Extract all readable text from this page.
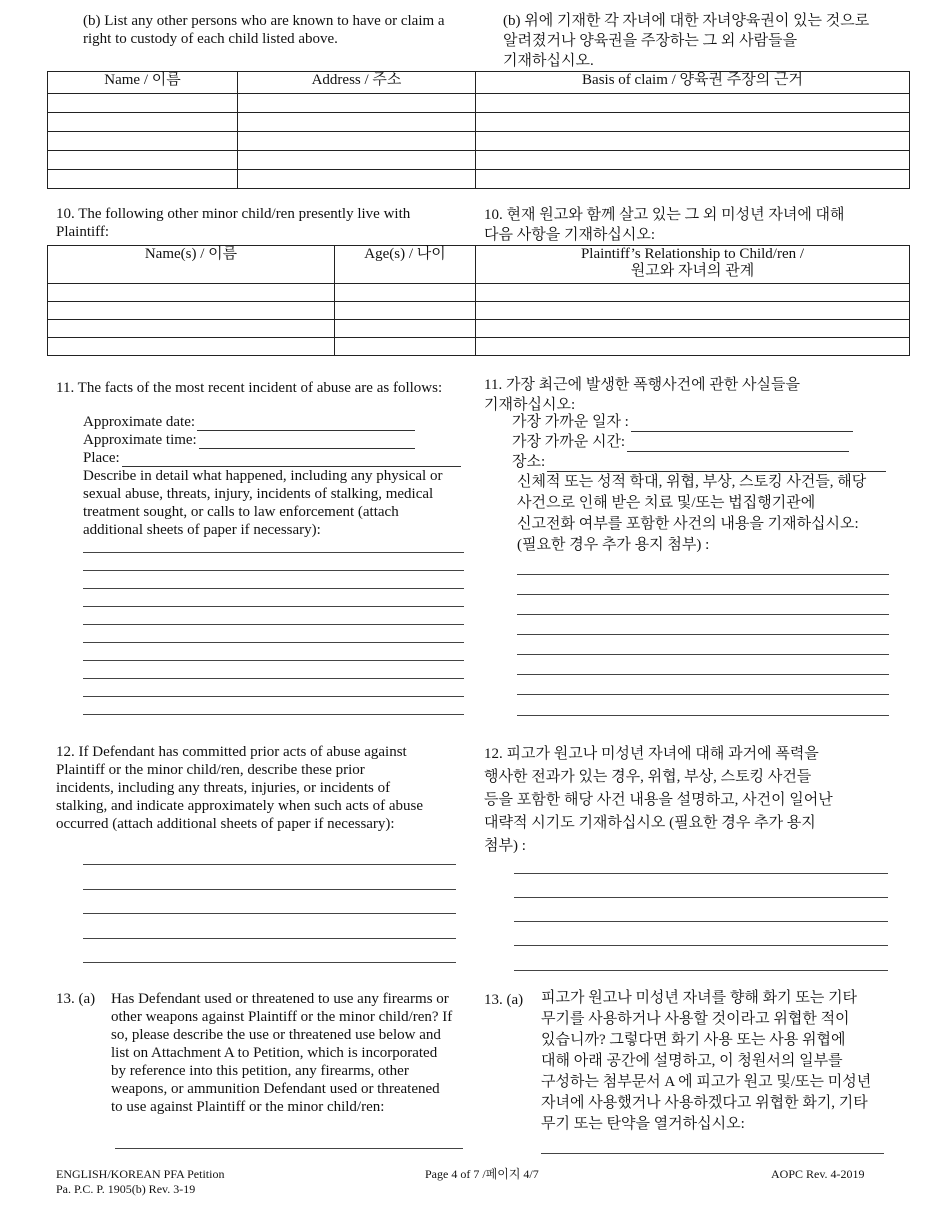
(b) List any other persons who are known to have or claim a
right to custody of each child listed above.
(b) 위에 기재한 각 자녀에 대한 자녀양육권이 있는 것으로
알려졌거나 양육권을 주장하는 그 외 사람들을
기재하십시오.
Name / 이름	Address / 주소	Basis of claim / 양육권 주장의 근거

10. The following other minor child/ren presently live with
Plaintiff:
10. 현재 원고와 함께 살고 있는 그 외 미성년 자녀에 대해
다음 사항을 기재하십시오:
Name(s) / 이름	Age(s) / 나이	Plaintiff’s Relationship to Child/ren /
원고와 자녀의 관계

11. The facts of the most recent incident of abuse are as follows:
Approximate date:
Approximate time:
Place:
Describe in detail what happened, including any physical or
sexual abuse, threats, injury, incidents of stalking, medical
treatment sought, or calls to law enforcement (attach
additional sheets of paper if necessary):
11. 가장 최근에 발생한 폭행사건에 관한 사실들을
기재하십시오:
가장 가까운 일자 :
가장 가까운 시간:
장소:
신체적 또는 성적 학대, 위협, 부상, 스토킹 사건들, 해당
사건으로 인해 받은 치료 및/또는 법집행기관에
신고전화 여부를 포함한 사건의 내용을 기재하십시오:
(필요한 경우 추가 용지 첨부) :
12. If Defendant has committed prior acts of abuse against
Plaintiff or the minor child/ren, describe these prior
incidents, including any threats, injuries, or incidents of
stalking, and indicate approximately when such acts of abuse
occurred (attach additional sheets of paper if necessary):
12. 피고가 원고나 미성년 자녀에 대해 과거에 폭력을
행사한 전과가 있는 경우, 위협, 부상, 스토킹 사건들
등을 포함한 해당 사건 내용을 설명하고, 사건이 일어난
대략적 시기도 기재하십시오 (필요한 경우 추가 용지
첨부) :
13. (a)	Has Defendant used or threatened to use any firearms or
other weapons against Plaintiff or the minor child/ren? If
so, please describe the use or threatened use below and
list on Attachment A to Petition, which is incorporated
by reference into this petition, any firearms, other
weapons, or ammunition Defendant used or threatened
to use against Plaintiff or the minor child/ren:
13. (a)	피고가 원고나 미성년 자녀를 향해 화기 또는 기타
무기를 사용하거나 사용할 것이라고 위협한 적이
있습니까? 그렇다면 화기 사용 또는 사용 위협에
대해 아래 공간에 설명하고, 이 청원서의 일부를
구성하는 첨부문서 A 에 피고가 원고 및/또는 미성년
자녀에 사용했거나 사용하겠다고 위협한 화기, 기타
무기 또는 탄약을 열거하십시오:
ENGLISH/KOREAN PFA Petition
Pa. P.C. P. 1905(b) Rev. 3-19
Page 4 of 7 /페이지 4/7	AOPC Rev. 4-2019
